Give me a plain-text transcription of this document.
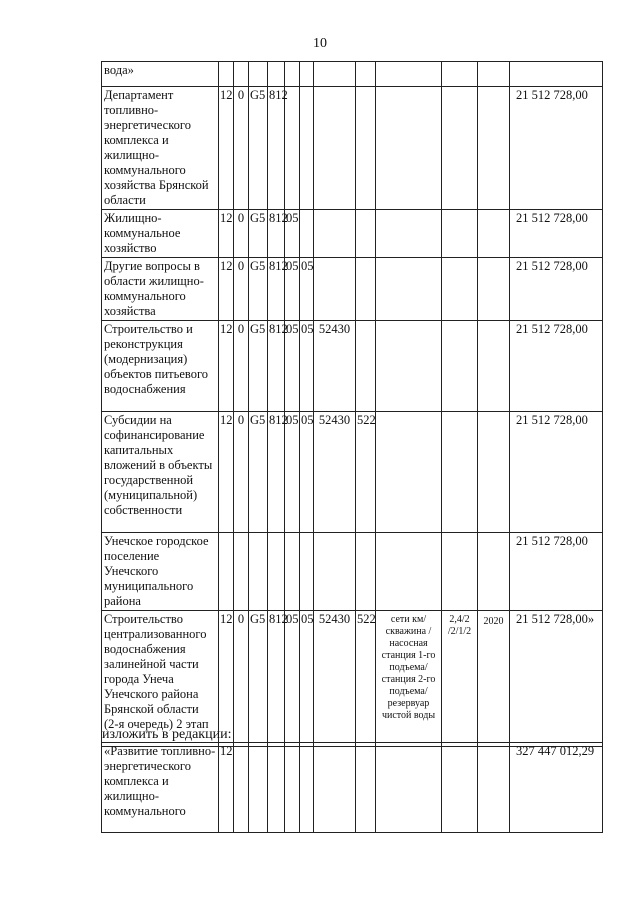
10
вода»												
Департамент топливно-энергетического комплекса и жилищно-коммунального хозяйства Брянской области	12	0	G5	812								21 512 728,00
Жилищно-коммунальное хозяйство	12	0	G5	812	05							21 512 728,00
Другие вопросы в области жилищно-коммунального хозяйства	12	0	G5	812	05	05						21 512 728,00
Строительство и реконструкция (модернизация) объектов питьевого водоснабжения	12	0	G5	812	05	05	52430					21 512 728,00
Субсидии на софинансирование капитальных вложений в объекты государственной (муниципальной) собственности	12	0	G5	812	05	05	52430	522				21 512 728,00
Унечское городское поселение Унечского муниципального района												21 512 728,00
Строительство централизованного водоснабжения залинейной части города Унеча Унечского района Брянской области (2-я очередь) 2 этап	12	0	G5	812	05	05	52430	522	сети км/скважина /насосная станция 1-го подъема/ станция 2-го подъема/ резервуар чистой воды	2,4/2 /2/1/2	2020	21 512 728,00»
изложить в редакции:
«Развитие топливно-энергетического комплекса и жилищно-коммунального	12											327 447 012,29
